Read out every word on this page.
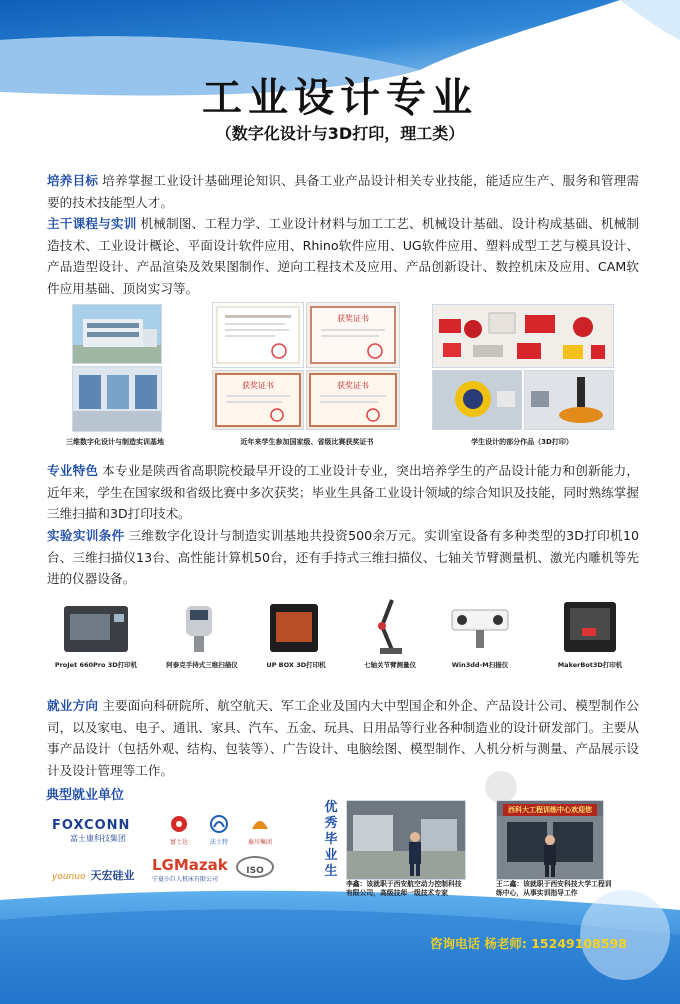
工业设计专业
（数字化设计与3D打印，理工类）
培养目标 培养掌握工业设计基础理论知识、具备工业产品设计相关专业技能，能适应生产、服务和管理需要的技术技能型人才。
主干课程与实训 机械制图、工程力学、工业设计材料与加工工艺、机械设计基础、设计构成基础、机械制造技术、工业设计概论、平面设计软件应用、Rhino软件应用、UG软件应用、塑料成型工艺与模具设计、产品造型设计、产品渲染及效果图制作、逆向工程技术及应用、产品创新设计、数控机床及应用、CAM软件应用基础、顶岗实习等。
三维数字化设计与制造实训基地
获奖证书
获奖证书	获奖证书
近年来学生参加国家级、省级比赛获奖证书	学生设计的部分作品（3D打印）
专业特色 本专业是陕西省高职院校最早开设的工业设计专业，突出培养学生的产品设计能力和创新能力，近年来，学生在国家级和省级比赛中多次获奖；毕业生具备工业设计领域的综合知识及技能，同时熟练掌握三维扫描和3D打印技术。
实验实训条件 三维数字化设计与制造实训基地共投资500余万元。实训室设备有多种类型的3D打印机10台、三维扫描仪13台、高性能计算机50台，还有手持式三维扫描仪、七轴关节臂测量机、激光内雕机等先进的仪器设备。
ProJet 660Pro 3D打印机	阿泰克手持式三维扫描仪	UP BOX 3D打印机	七轴关节臂测量仪	Win3dd-M扫描仪	MakerBot3D打印机
就业方向 主要面向科研院所、航空航天、军工企业及国内大中型国企和外企、产品设计公司、模型制作公司，以及家电、电子、通讯、家具、汽车、五金、玩具、日用品等行业各种制造业的设计研发部门。主要从事产品设计（包括外观、结构、包装等）、广告设计、电脑绘图、模型制作、人机分析与测量、产品展示设计及设计管理等工作。
典型就业单位
FOXCONN
富士康科技集团	富士达	法士特	秦川集团
younuo 天宏硅业
LGMazak
宁夏小巨人机床有限公司
ISO
优秀毕业生
李鑫：该就职于西安航空动力控制科技有限公司，高级技师一级技术专家
西科大工程训练中心欢迎您
王二鑫：该就职于西安科技大学工程训练中心，从事实训指导工作
咨询电话 杨老师: 15249108598
